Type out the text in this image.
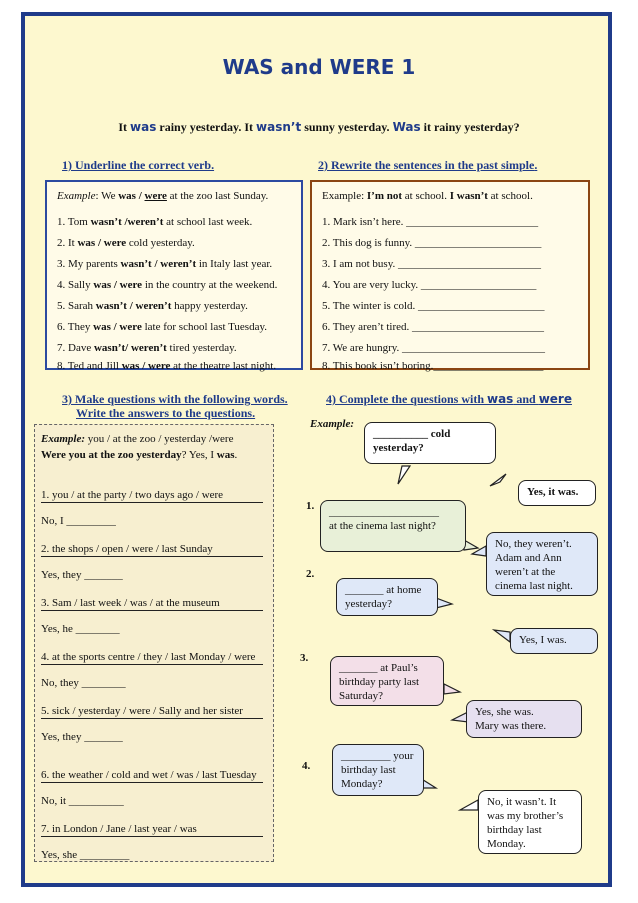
WAS and WERE 1
It was rainy yesterday. It wasn’t sunny yesterday. Was it rainy yesterday?
1) Underline the correct verb.
Example: We was / were at the zoo last Sunday.
1. Tom wasn’t /weren’t at school last week.
2. It was / were cold yesterday.
3. My parents wasn’t / weren’t in Italy last year.
4. Sally was / were in the country at the weekend.
5. Sarah wasn’t / weren’t happy yesterday.
6. They was / were late for school last Tuesday.
7. Dave wasn’t/ weren’t tired yesterday.
8. Ted and Jill was / were at the theatre last night.
2) Rewrite the sentences in the past simple.
Example: I’m not at school. I wasn’t at school.
1. Mark isn’t here. ________________________
2. This dog is funny. _______________________
3. I am not busy. __________________________
4. You are very lucky. _____________________
5. The winter is cold. _______________________
6. They aren’t tired. ________________________
7. We are hungry. __________________________
8. This book isn’t boring.____________________
3) Make questions with the following words.
Write the answers to the questions.
Example: you / at the zoo / yesterday /were
Were you at the zoo yesterday? Yes, I was.
1. you / at the party / two days ago / were
No, I _________
2. the shops / open / were / last Sunday
Yes, they _______
3. Sam / last week / was / at the museum
Yes, he ________
4. at the sports centre / they / last Monday / were
No, they ________
5. sick / yesterday / were / Sally and her sister
Yes, they _______
6. the weather / cold and wet / was / last Tuesday
No, it __________
7. in London / Jane / last year / was
Yes, she _________
4) Complete the questions with was and were
Example:
__________ cold
yesterday?
Yes, it was.
1. ____________________
at the cinema last night?
No, they weren’t. Adam and Ann weren’t at the cinema last night.
2.
_______ at home
yesterday?
Yes, I was.
3.
_______ at Paul’s
birthday party last
Saturday?
Yes, she was.
Mary was there.
4.
_________ your
birthday last
Monday?
No, it wasn’t. It was my brother’s birthday last Monday.
